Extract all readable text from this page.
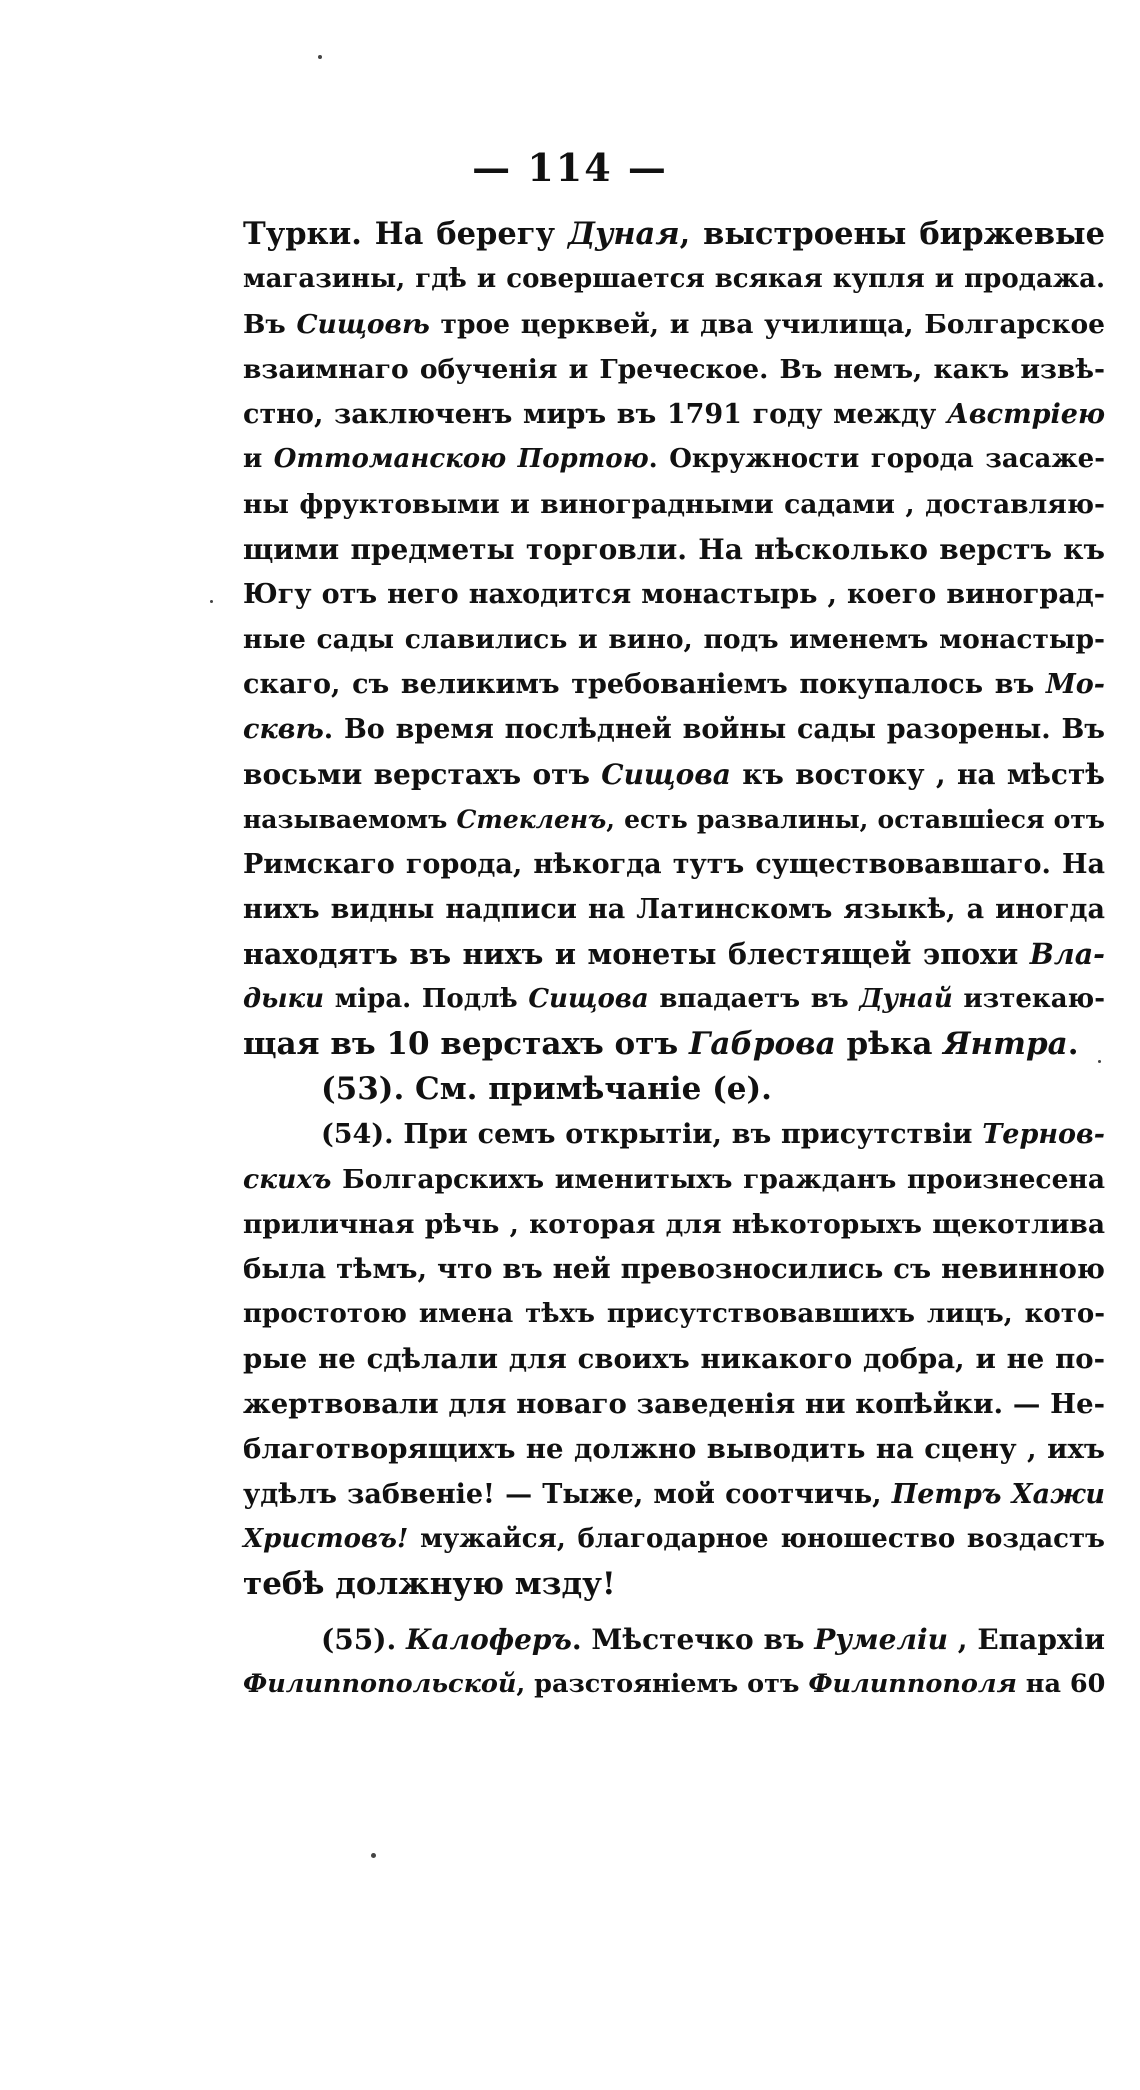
— 114 —
Турки. На берегу Дуная, выстроены биржевые
магазины, гдѣ и совершается всякая купля и продажа.
Въ Сищовѣ трое церквей, и два училища, Болгарское
взаимнаго обученія и Греческое. Въ немъ, какъ извѣ-
стно, заключенъ миръ въ 1791 году между Австріею
и Оттоманскою Портою. Окружности города засаже-
ны фруктовыми и виноградными садами , доставляю-
щими предметы торговли. На нѣсколько верстъ къ
Югу отъ него находится монастырь , коего виноград-
ные сады славились и вино, подъ именемъ монастыр-
скаго, съ великимъ требованіемъ покупалось въ Мо-
сквѣ. Во время послѣдней войны сады разорены. Въ
восьми верстахъ отъ Сищова къ востоку , на мѣстѣ
называемомъ Стекленъ, есть развалины, оставшіеся отъ
Римскаго города, нѣкогда тутъ существовавшаго. На
нихъ видны надписи на Латинскомъ языкѣ, а иногда
находятъ въ нихъ и монеты блестящей эпохи Вла-
дыки міра. Подлѣ Сищова впадаетъ въ Дунай изтекаю-
щая въ 10 верстахъ отъ Габрова рѣка Янтра.
(53). См. примѣчаніе (е).
(54). При семъ открытіи, въ присутствіи Тернов-
скихъ Болгарскихъ именитыхъ гражданъ произнесена
приличная рѣчь , которая для нѣкоторыхъ щекотлива
была тѣмъ, что въ ней превозносились съ невинною
простотою имена тѣхъ присутствовавшихъ лицъ, кото-
рые не сдѣлали для своихъ никакого добра, и не по-
жертвовали для новаго заведенія ни копѣйки. — Не-
благотворящихъ не должно выводить на сцену , ихъ
удѣлъ забвеніе! — Тыже, мой соотчичь, Петръ Хажи
Христовъ! мужайся, благодарное юношество воздастъ
тебѣ должную мзду!
(55). Калоферъ. Мѣстечко въ Румеліи , Епархіи
Филиппопольской, разстояніемъ отъ Филиппополя на 60
